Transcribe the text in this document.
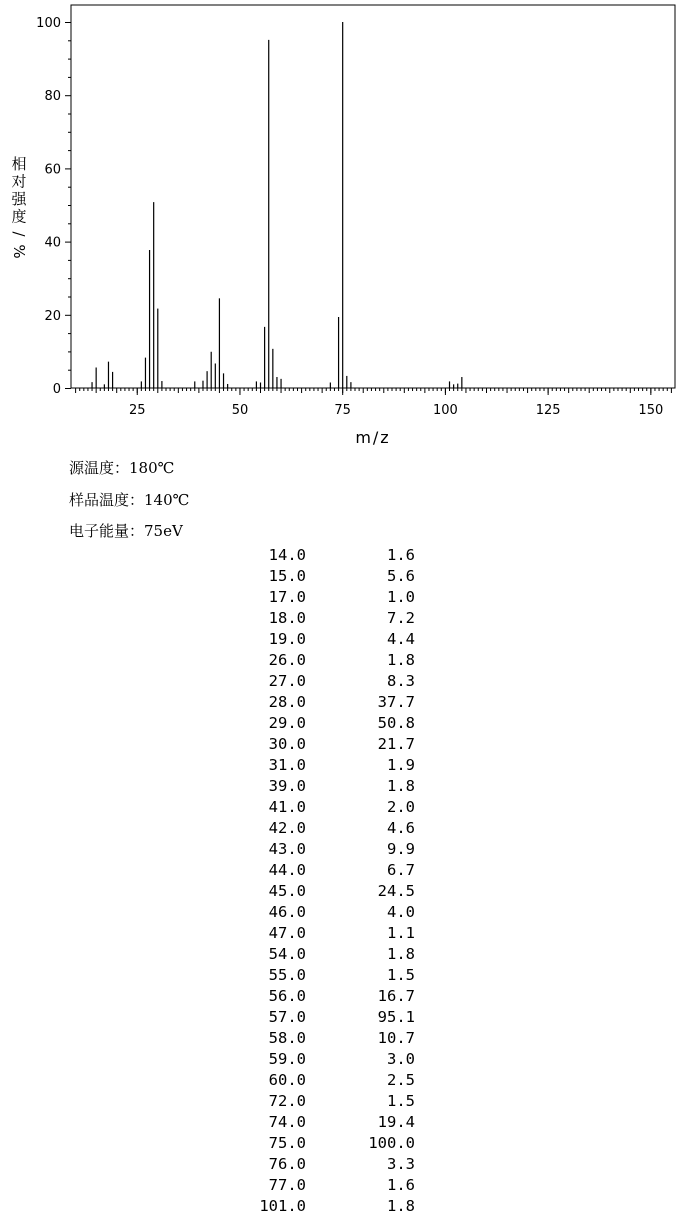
25	50	75	100	125	150
0
20
40
60
80
100
m/z
相
对
强
度
/
%
源温度：180℃
样品温度：140℃
电子能量：75eV
14.0	1.6
15.0	5.6
17.0	1.0
18.0	7.2
19.0	4.4
26.0	1.8
27.0	8.3
28.0	37.7
29.0	50.8
30.0	21.7
31.0	1.9
39.0	1.8
41.0	2.0
42.0	4.6
43.0	9.9
44.0	6.7
45.0	24.5
46.0	4.0
47.0	1.1
54.0	1.8
55.0	1.5
56.0	16.7
57.0	95.1
58.0	10.7
59.0	3.0
60.0	2.5
72.0	1.5
74.0	19.4
75.0	100.0
76.0	3.3
77.0	1.6
101.0	1.8
